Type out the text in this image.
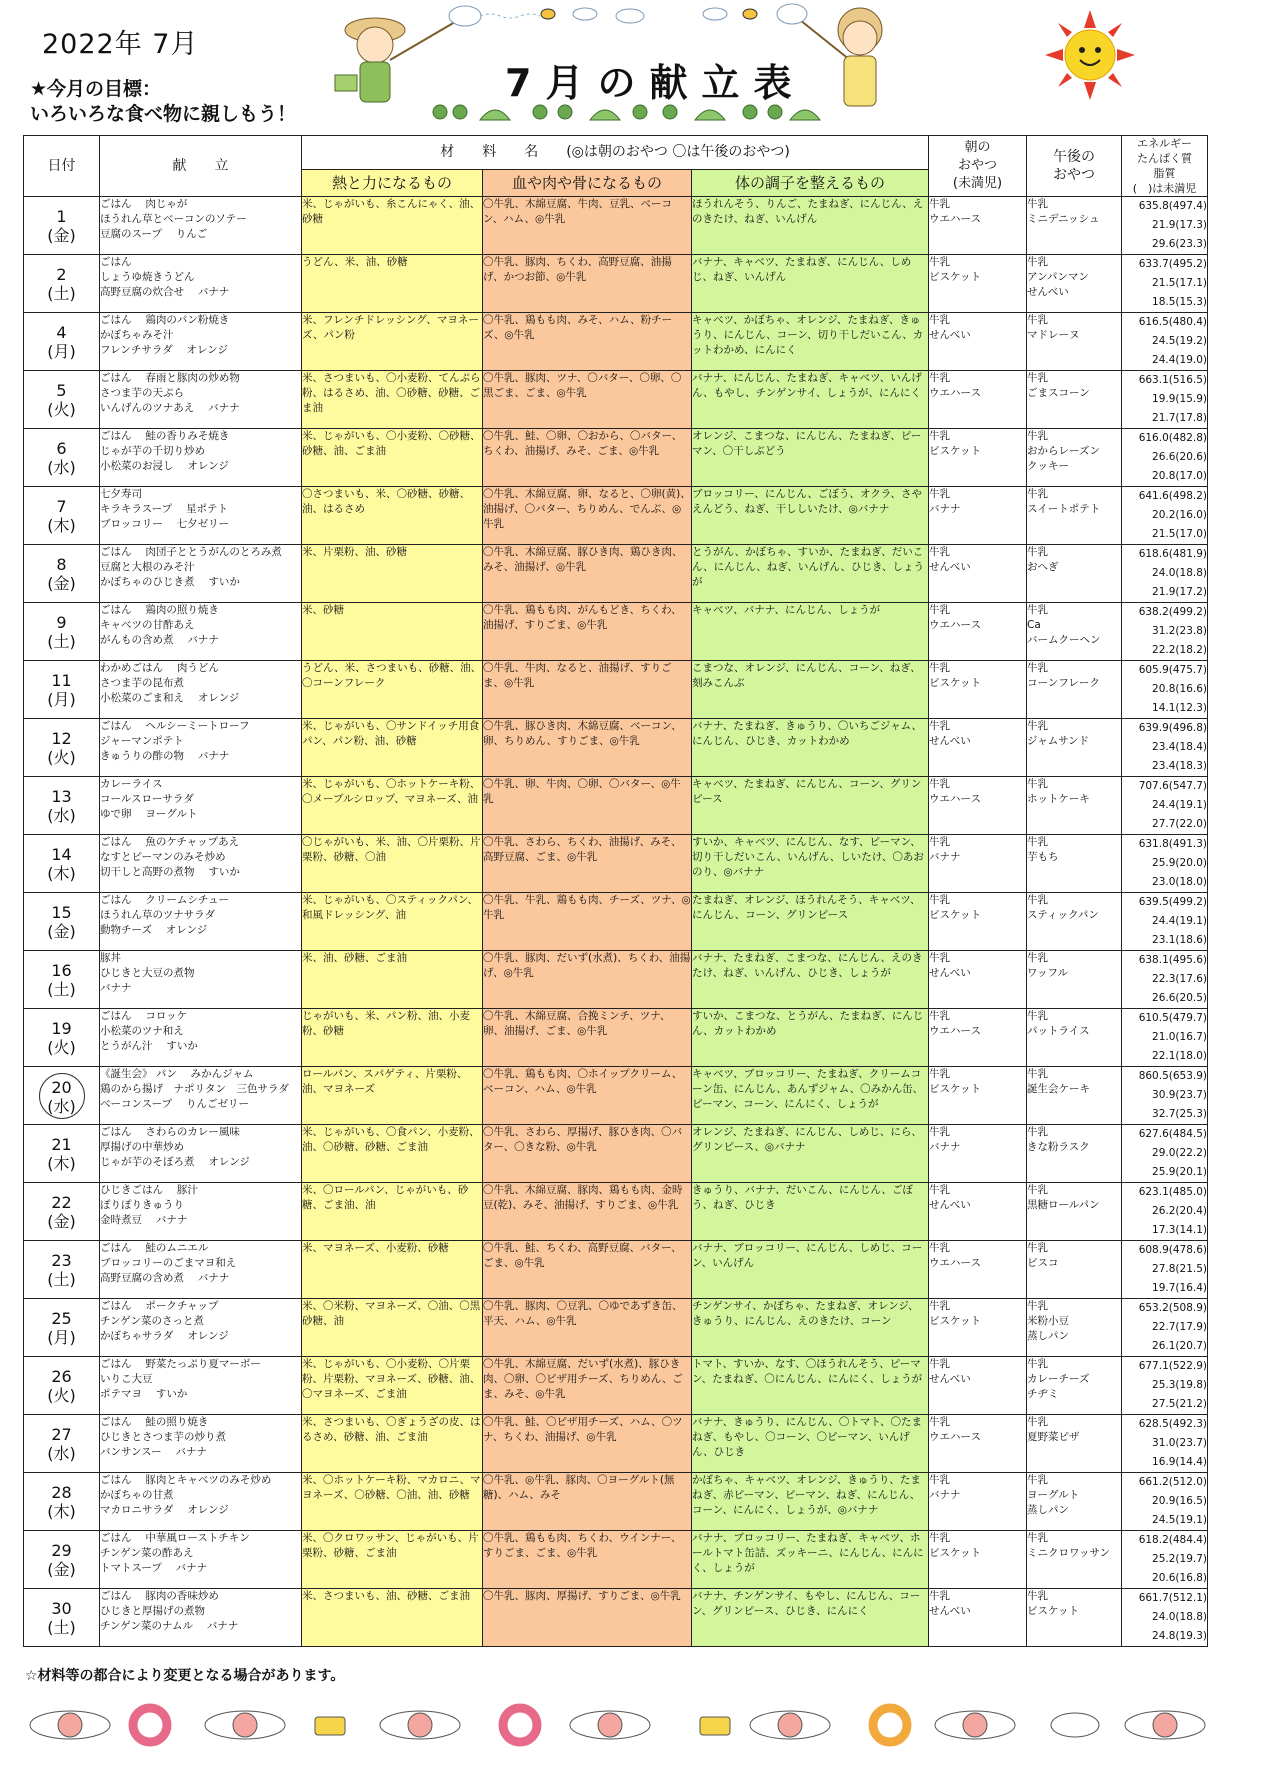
2022年 7月
★今月の目標：
いろいろな食べ物に親しもう！
7月の献立表
日付	献　　立	材　　料　　名　　(◎は朝のおやつ 〇は午後のおやつ)			朝の
おやつ
(未満児)	午後の
おやつ	エネルギー
たんぱく質
脂質
(　)は未満児
		熱と力になるもの	血や肉や骨になるもの	体の調子を整えるもの			

1
(金)	ごはん　 肉じゃが
ほうれん草とベーコンのソテー
豆腐のスープ　 りんご	米、じゃがいも、糸こんにゃく、油、砂糖	〇牛乳、木綿豆腐、牛肉、豆乳、ベーコン、ハム、◎牛乳	ほうれんそう、りんご、たまねぎ、にんじん、えのきたけ、ねぎ、いんげん	牛乳
ウエハース	牛乳
ミニデニッシュ	635.8(497.4)
21.9(17.3)
29.6(23.3)

2
(土)	ごはん
しょうゆ焼きうどん
高野豆腐の炊合せ　 バナナ	うどん、米、油、砂糖	〇牛乳、豚肉、ちくわ、高野豆腐、油揚げ、かつお節、◎牛乳	バナナ、キャベツ、たまねぎ、にんじん、しめじ、ねぎ、いんげん	牛乳
ビスケット	牛乳
アンパンマン
せんべい	633.7(495.2)
21.5(17.1)
18.5(15.3)

4
(月)	ごはん　 鶏肉のパン粉焼き
かぼちゃみそ汁
フレンチサラダ　 オレンジ	米、フレンチドレッシング、マヨネーズ、パン粉	〇牛乳、鶏もも肉、みそ、ハム、粉チーズ、◎牛乳	キャベツ、かぼちゃ、オレンジ、たまねぎ、きゅうり、にんじん、コーン、切り干しだいこん、カットわかめ、にんにく	牛乳
せんべい	牛乳
マドレーヌ	616.5(480.4)
24.5(19.2)
24.4(19.0)

5
(火)	ごはん　 春雨と豚肉の炒め物
さつま芋の天ぷら
いんげんのツナあえ　 バナナ	米、さつまいも、〇小麦粉、てんぷら粉、はるさめ、油、〇砂糖、砂糖、ごま油	〇牛乳、豚肉、ツナ、〇バター、〇卵、〇黒ごま、ごま、◎牛乳	バナナ、にんじん、たまねぎ、キャベツ、いんげん、もやし、チンゲンサイ、しょうが、にんにく	牛乳
ウエハース	牛乳
ごまスコーン	663.1(516.5)
19.9(15.9)
21.7(17.8)

6
(水)	ごはん　 鮭の香りみそ焼き
じゃが芋の千切り炒め
小松菜のお浸し　 オレンジ	米、じゃがいも、〇小麦粉、〇砂糖、砂糖、油、ごま油	〇牛乳、鮭、〇卵、〇おから、〇バター、ちくわ、油揚げ、みそ、ごま、◎牛乳	オレンジ、こまつな、にんじん、たまねぎ、ピーマン、〇干しぶどう	牛乳
ビスケット	牛乳
おからレーズン
クッキー	616.0(482.8)
26.6(20.6)
20.8(17.0)

7
(木)	七夕寿司
キラキラスープ　 星ポテト
ブロッコリー　 七夕ゼリー	〇さつまいも、米、〇砂糖、砂糖、油、はるさめ	〇牛乳、木綿豆腐、卵、なると、〇卵(黄)、油揚げ、〇バター、ちりめん、でんぶ、◎牛乳	ブロッコリー、にんじん、ごぼう、オクラ、さやえんどう、ねぎ、干ししいたけ、◎バナナ	牛乳
バナナ	牛乳
スイートポテト	641.6(498.2)
20.2(16.0)
21.5(17.0)

8
(金)	ごはん　 肉団子ととうがんのとろみ煮
豆腐と大根のみそ汁
かぼちゃのひじき煮　 すいか	米、片栗粉、油、砂糖	〇牛乳、木綿豆腐、豚ひき肉、鶏ひき肉、みそ、油揚げ、◎牛乳	とうがん、かぼちゃ、すいか、たまねぎ、だいこん、にんじん、ねぎ、いんげん、ひじき、しょうが	牛乳
せんべい	牛乳
おへぎ	618.6(481.9)
24.0(18.8)
21.9(17.2)

9
(土)	ごはん　 鶏肉の照り焼き
キャベツの甘酢あえ
がんもの含め煮　 バナナ	米、砂糖	〇牛乳、鶏もも肉、がんもどき、ちくわ、油揚げ、すりごま、◎牛乳	キャベツ、バナナ、にんじん、しょうが	牛乳
ウエハース	牛乳
Ca
バームクーヘン	638.2(499.2)
31.2(23.8)
22.2(18.2)

11
(月)	わかめごはん　 肉うどん
さつま芋の昆布煮
小松菜のごま和え　 オレンジ	うどん、米、さつまいも、砂糖、油、〇コーンフレーク	〇牛乳、牛肉、なると、油揚げ、すりごま、◎牛乳	こまつな、オレンジ、にんじん、コーン、ねぎ、刻みこんぶ	牛乳
ビスケット	牛乳
コーンフレーク	605.9(475.7)
20.8(16.6)
14.1(12.3)

12
(火)	ごはん　 ヘルシーミートローフ
ジャーマンポテト
きゅうりの酢の物　 バナナ	米、じゃがいも、〇サンドイッチ用食パン、パン粉、油、砂糖	〇牛乳、豚ひき肉、木綿豆腐、ベーコン、卵、ちりめん、すりごま、◎牛乳	バナナ、たまねぎ、きゅうり、〇いちごジャム、にんじん、ひじき、カットわかめ	牛乳
せんべい	牛乳
ジャムサンド	639.9(496.8)
23.4(18.4)
23.4(18.3)

13
(水)	カレーライス
コールスローサラダ
ゆで卵　 ヨーグルト	米、じゃがいも、〇ホットケーキ粉、〇メープルシロップ、マヨネーズ、油	〇牛乳、卵、牛肉、〇卵、〇バター、◎牛乳	キャベツ、たまねぎ、にんじん、コーン、グリンピース	牛乳
ウエハース	牛乳
ホットケーキ	707.6(547.7)
24.4(19.1)
27.7(22.0)

14
(木)	ごはん　 魚のケチャップあえ
なすとピーマンのみそ炒め
切干しと高野の煮物　 すいか	〇じゃがいも、米、油、〇片栗粉、片栗粉、砂糖、〇油	〇牛乳、さわら、ちくわ、油揚げ、みそ、高野豆腐、ごま、◎牛乳	すいか、キャベツ、にんじん、なす、ピーマン、切り干しだいこん、いんげん、しいたけ、〇あおのり、◎バナナ	牛乳
バナナ	牛乳
芋もち	631.8(491.3)
25.9(20.0)
23.0(18.0)

15
(金)	ごはん　 クリームシチュー
ほうれん草のツナサラダ
動物チーズ　 オレンジ	米、じゃがいも、〇スティックパン、和風ドレッシング、油	〇牛乳、牛乳、鶏もも肉、チーズ、ツナ、◎牛乳	たまねぎ、オレンジ、ほうれんそう、キャベツ、にんじん、コーン、グリンピース	牛乳
ビスケット	牛乳
スティックパン	639.5(499.2)
24.4(19.1)
23.1(18.6)

16
(土)	豚丼
ひじきと大豆の煮物
バナナ	米、油、砂糖、ごま油	〇牛乳、豚肉、だいず(水煮)、ちくわ、油揚げ、◎牛乳	バナナ、たまねぎ、こまつな、にんじん、えのきたけ、ねぎ、いんげん、ひじき、しょうが	牛乳
せんべい	牛乳
ワッフル	638.1(495.6)
22.3(17.6)
26.6(20.5)

19
(火)	ごはん　 コロッケ
小松菜のツナ和え
とうがん汁　 すいか	じゃがいも、米、パン粉、油、小麦粉、砂糖	〇牛乳、木綿豆腐、合挽ミンチ、ツナ、卵、油揚げ、ごま、◎牛乳	すいか、こまつな、とうがん、たまねぎ、にんじん、カットわかめ	牛乳
ウエハース	牛乳
パットライス	610.5(479.7)
21.0(16.7)
22.1(18.0)

20
(水)	《誕生会》 パン　 みかんジャム
鶏のから揚げ　ナポリタン　三色サラダ
ベーコンスープ　 りんごゼリー	ロールパン、スパゲティ、片栗粉、油、マヨネーズ	〇牛乳、鶏もも肉、〇ホイップクリーム、ベーコン、ハム、◎牛乳	キャベツ、ブロッコリー、たまねぎ、クリームコーン缶、にんじん、あんずジャム、〇みかん缶、ピーマン、コーン、にんにく、しょうが	牛乳
ビスケット	牛乳
誕生会ケーキ	860.5(653.9)
30.9(23.7)
32.7(25.3)

21
(木)	ごはん　 さわらのカレー風味
厚揚げの中華炒め
じゃが芋のそぼろ煮　 オレンジ	米、じゃがいも、〇食パン、小麦粉、油、〇砂糖、砂糖、ごま油	〇牛乳、さわら、厚揚げ、豚ひき肉、〇バター、〇きな粉、◎牛乳	オレンジ、たまねぎ、にんじん、しめじ、にら、グリンピース、◎バナナ	牛乳
バナナ	牛乳
きな粉ラスク	627.6(484.5)
29.0(22.2)
25.9(20.1)

22
(金)	ひじきごはん　 豚汁
ぽりぽりきゅうり
金時煮豆　 バナナ	米、〇ロールパン、じゃがいも、砂糖、ごま油、油	〇牛乳、木綿豆腐、豚肉、鶏もも肉、金時豆(乾)、みそ、油揚げ、すりごま、◎牛乳	きゅうり、バナナ、だいこん、にんじん、ごぼう、ねぎ、ひじき	牛乳
せんべい	牛乳
黒糖ロールパン	623.1(485.0)
26.2(20.4)
17.3(14.1)

23
(土)	ごはん　 鮭のムニエル
ブロッコリーのごまマヨ和え
高野豆腐の含め煮　 バナナ	米、マヨネーズ、小麦粉、砂糖	〇牛乳、鮭、ちくわ、高野豆腐、バター、ごま、◎牛乳	バナナ、ブロッコリー、にんじん、しめじ、コーン、いんげん	牛乳
ウエハース	牛乳
ビスコ	608.9(478.6)
27.8(21.5)
19.7(16.4)

25
(月)	ごはん　 ポークチャップ
チンゲン菜のさっと煮
かぼちゃサラダ　 オレンジ	米、〇米粉、マヨネーズ、〇油、〇黒砂糖、油	〇牛乳、豚肉、〇豆乳、〇ゆであずき缶、平天、ハム、◎牛乳	チンゲンサイ、かぼちゃ、たまねぎ、オレンジ、きゅうり、にんじん、えのきたけ、コーン	牛乳
ビスケット	牛乳
米粉小豆
蒸しパン	653.2(508.9)
22.7(17.9)
26.1(20.7)

26
(火)	ごはん　 野菜たっぷり夏マーボー
いりこ大豆
ポテマヨ　 すいか	米、じゃがいも、〇小麦粉、〇片栗粉、片栗粉、マヨネーズ、砂糖、油、〇マヨネーズ、ごま油	〇牛乳、木綿豆腐、だいず(水煮)、豚ひき肉、〇卵、〇ピザ用チーズ、ちりめん、ごま、みそ、◎牛乳	トマト、すいか、なす、〇ほうれんそう、ピーマン、たまねぎ、〇にんじん、にんにく、しょうが	牛乳
せんべい	牛乳
カレーチーズ
チヂミ	677.1(522.9)
25.3(19.8)
27.5(21.2)

27
(水)	ごはん　 鮭の照り焼き
ひじきとさつま芋の炒り煮
バンサンスー　 バナナ	米、さつまいも、〇ぎょうざの皮、はるさめ、砂糖、油、ごま油	〇牛乳、鮭、〇ピザ用チーズ、ハム、〇ツナ、ちくわ、油揚げ、◎牛乳	バナナ、きゅうり、にんじん、〇トマト、〇たまねぎ、もやし、〇コーン、〇ピーマン、いんげん、ひじき	牛乳
ウエハース	牛乳
夏野菜ピザ	628.5(492.3)
31.0(23.7)
16.9(14.4)

28
(木)	ごはん　 豚肉とキャベツのみそ炒め
かぼちゃの甘煮
マカロニサラダ　 オレンジ	米、〇ホットケーキ粉、マカロニ、マヨネーズ、〇砂糖、〇油、油、砂糖	〇牛乳、◎牛乳、豚肉、〇ヨーグルト(無糖)、ハム、みそ	かぼちゃ、キャベツ、オレンジ、きゅうり、たまねぎ、赤ピーマン、ピーマン、ねぎ、にんじん、コーン、にんにく、しょうが、◎バナナ	牛乳
バナナ	牛乳
ヨーグルト
蒸しパン	661.2(512.0)
20.9(16.5)
24.5(19.1)

29
(金)	ごはん　 中華風ローストチキン
チンゲン菜の酢あえ
トマトスープ　 バナナ	米、〇クロワッサン、じゃがいも、片栗粉、砂糖、ごま油	〇牛乳、鶏もも肉、ちくわ、ウインナー、すりごま、ごま、◎牛乳	バナナ、ブロッコリー、たまねぎ、キャベツ、ホールトマト缶詰、ズッキーニ、にんじん、にんにく、しょうが	牛乳
ビスケット	牛乳
ミニクロワッサン	618.2(484.4)
25.2(19.7)
20.6(16.8)

30
(土)	ごはん　 豚肉の香味炒め
ひじきと厚揚げの煮物
チンゲン菜のナムル　 バナナ	米、さつまいも、油、砂糖、ごま油	〇牛乳、豚肉、厚揚げ、すりごま、◎牛乳	バナナ、チンゲンサイ、もやし、にんじん、コーン、グリンピース、ひじき、にんにく	牛乳
せんべい	牛乳
ビスケット	661.7(512.1)
24.0(18.8)
24.8(19.3)
☆材料等の都合により変更となる場合があります。
